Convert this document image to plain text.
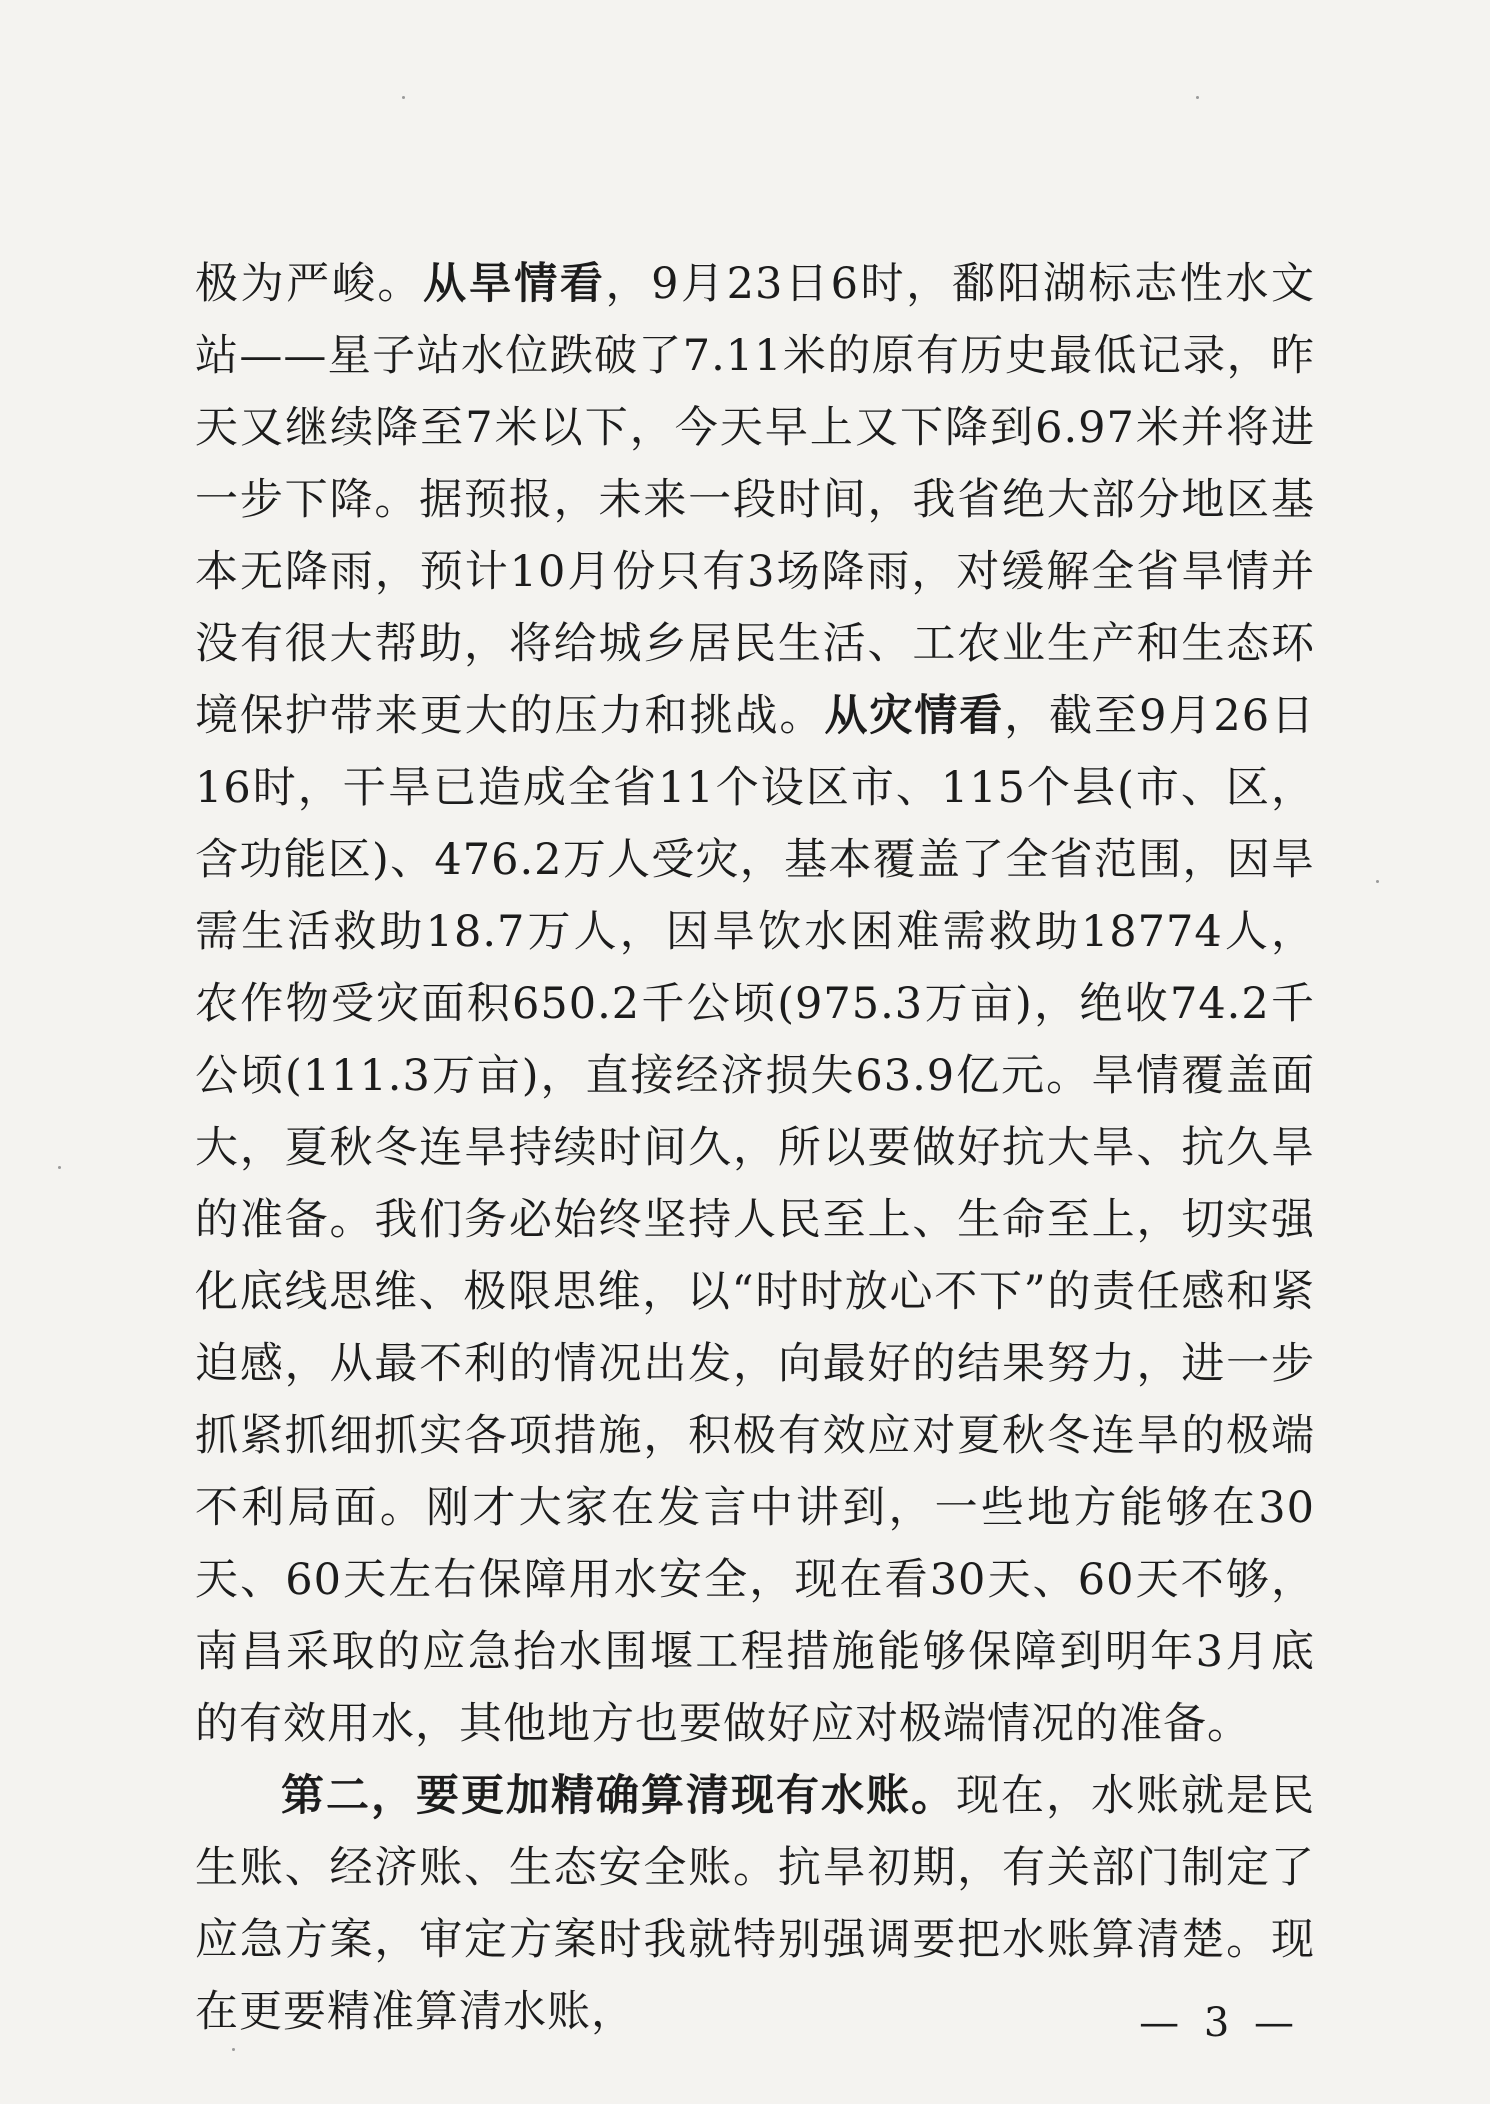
极为严峻。从旱情看，9月23日6时，鄱阳湖标志性水文站——星子站水位跌破了7.11米的原有历史最低记录，昨天又继续降至7米以下，今天早上又下降到6.97米并将进一步下降。据预报，未来一段时间，我省绝大部分地区基本无降雨，预计10月份只有3场降雨，对缓解全省旱情并没有很大帮助，将给城乡居民生活、工农业生产和生态环境保护带来更大的压力和挑战。从灾情看，截至9月26日16时，干旱已造成全省11个设区市、115个县(市、区，含功能区)、476.2万人受灾，基本覆盖了全省范围，因旱需生活救助18.7万人，因旱饮水困难需救助18774人，农作物受灾面积650.2千公顷(975.3万亩)，绝收74.2千公顷(111.3万亩)，直接经济损失63.9亿元。旱情覆盖面大，夏秋冬连旱持续时间久，所以要做好抗大旱、抗久旱的准备。我们务必始终坚持人民至上、生命至上，切实强化底线思维、极限思维，以“时时放心不下”的责任感和紧迫感，从最不利的情况出发，向最好的结果努力，进一步抓紧抓细抓实各项措施，积极有效应对夏秋冬连旱的极端不利局面。刚才大家在发言中讲到，一些地方能够在30天、60天左右保障用水安全，现在看30天、60天不够，南昌采取的应急抬水围堰工程措施能够保障到明年3月底的有效用水，其他地方也要做好应对极端情况的准备。

第二，要更加精确算清现有水账。现在，水账就是民生账、经济账、生态安全账。抗旱初期，有关部门制定了应急方案，审定方案时我就特别强调要把水账算清楚。现在更要精准算清水账，	— 3 —
